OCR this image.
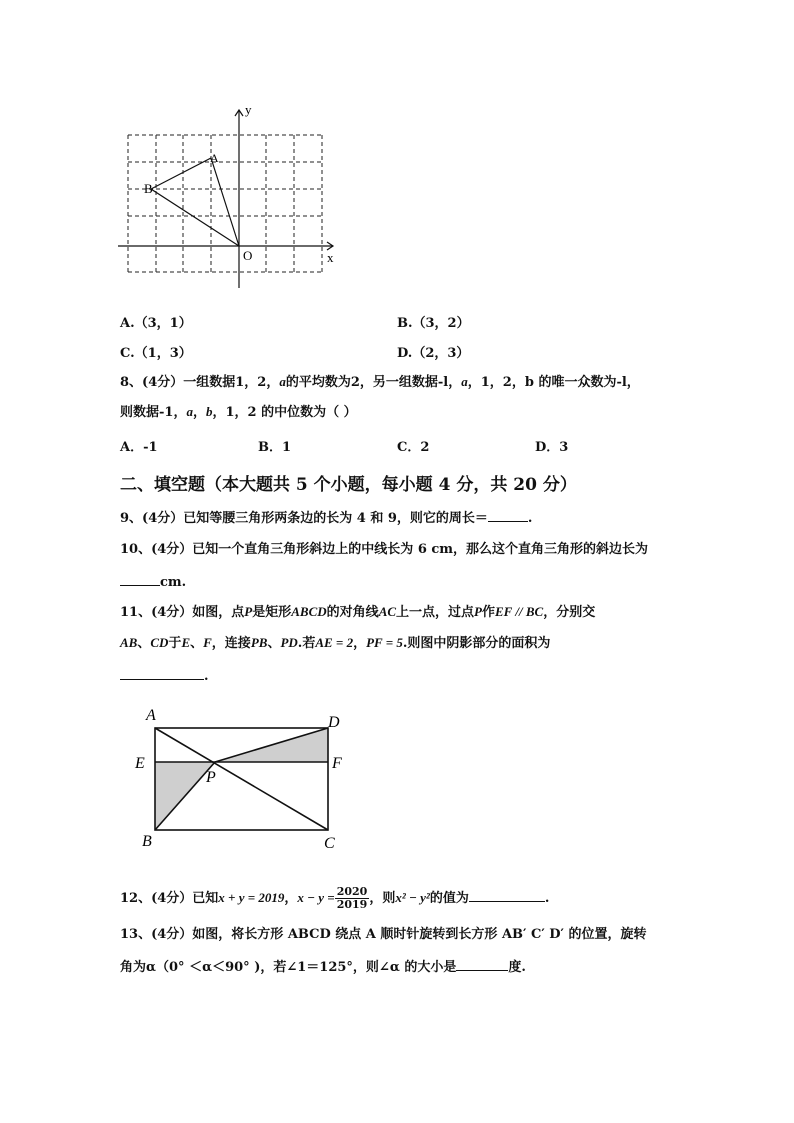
y
x
O
A
B
A.（3，1）	B.（3，2）
C.（1，3）	D.（2，3）
8、(4分）一组数据1，2，a的平均数为2，另一组数据-l，a，1，2，b 的唯一众数为-l，
则数据-1，a，b，1，2 的中位数为（ ）
A．-1	B．1	C．2	D．3
二、填空题（本大题共 5 个小题，每小题 4 分，共 20 分）
9、(4分）已知等腰三角形两条边的长为 4 和 9，则它的周长＝	.
10、(4分）已知一个直角三角形斜边上的中线长为 6 cm，那么这个直角三角形的斜边长为
cm.
11、(4分）如图，点P是矩形ABCD的对角线AC上一点，过点P作EF // BC，分别交
AB、CD于E、F，连接PB、PD.若AE = 2，PF = 5.则图中阴影部分的面积为
.
A	D
E	F
P
B	C
12、(4分）已知x + y = 2019，$x - y = \frac{2020}{2019}$ ，则x² − y²的值为	.
13、(4分）如图，将长方形 ABCD 绕点 A 顺时针旋转到长方形 AB′ C′ D′ 的位置，旋转
角为α（0° ＜α＜90° )，若∠1＝125°，则∠α 的大小是	度.
